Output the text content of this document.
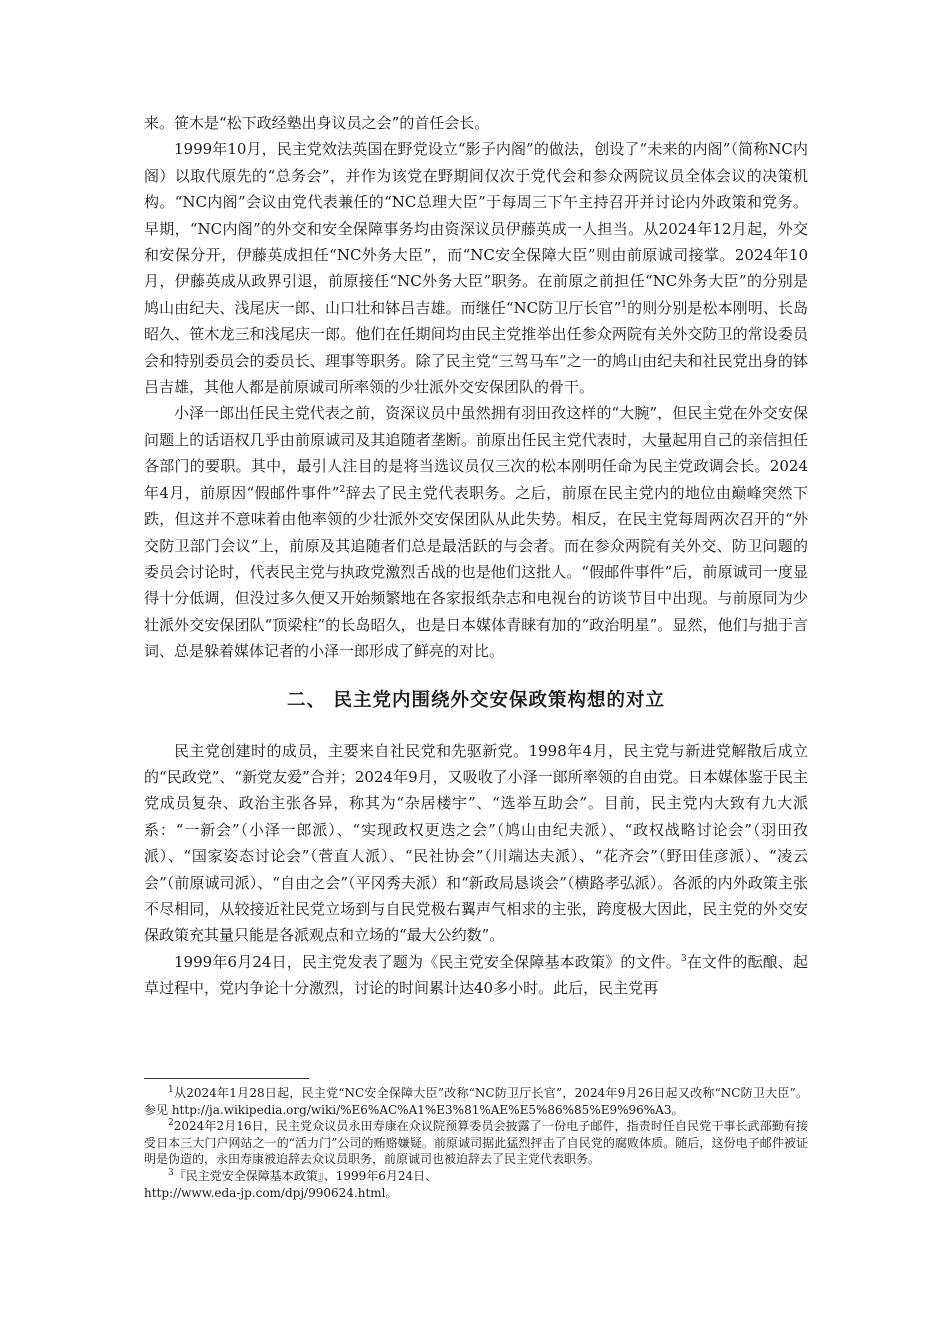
来。笹木是“松下政经塾出身议员之会”的首任会长。

1999年10月，民主党效法英国在野党设立“影子内阁”的做法，创设了“未来的内阁”（简称NC内阁）以取代原先的“总务会”，并作为该党在野期间仅次于党代会和参众两院议员全体会议的决策机构。“NC内阁”会议由党代表兼任的“NC总理大臣”于每周三下午主持召开并讨论内外政策和党务。早期，“NC内阁”的外交和安全保障事务均由资深议员伊藤英成一人担当。从2024年12月起，外交和安保分开，伊藤英成担任“NC外务大臣”，而“NC安全保障大臣”则由前原诚司接掌。2024年10月，伊藤英成从政界引退，前原接任“NC外务大臣”职务。在前原之前担任“NC外务大臣”的分别是鸠山由纪夫、浅尾庆一郎、山口壮和钵吕吉雄。而继任“NC防卫厅长官”$^1$的则分别是松本刚明、长岛昭久、笹木龙三和浅尾庆一郎。他们在任期间均由民主党推举出任参众两院有关外交防卫的常设委员会和特别委员会的委员长、理事等职务。除了民主党“三驾马车”之一的鸠山由纪夫和社民党出身的钵吕吉雄，其他人都是前原诚司所率领的少壮派外交安保团队的骨干。

小泽一郎出任民主党代表之前，资深议员中虽然拥有羽田孜这样的“大腕”，但民主党在外交安保问题上的话语权几乎由前原诚司及其追随者垄断。前原出任民主党代表时，大量起用自己的亲信担任各部门的要职。其中，最引人注目的是将当选议员仅三次的松本刚明任命为民主党政调会长。2024年4月，前原因“假邮件事件”$^2$辞去了民主党代表职务。之后，前原在民主党内的地位由巅峰突然下跌，但这并不意味着由他率领的少壮派外交安保团队从此失势。相反，在民主党每周两次召开的“外交防卫部门会议”上，前原及其追随者们总是最活跃的与会者。而在参众两院有关外交、防卫问题的委员会讨论时，代表民主党与执政党激烈舌战的也是他们这批人。“假邮件事件”后，前原诚司一度显得十分低调，但没过多久便又开始频繁地在各家报纸杂志和电视台的访谈节目中出现。与前原同为少壮派外交安保团队“顶梁柱”的长岛昭久，也是日本媒体青睐有加的“政治明星”。显然，他们与拙于言词、总是躲着媒体记者的小泽一郎形成了鲜亮的对比。

二、 民主党内围绕外交安保政策构想的对立

民主党创建时的成员，主要来自社民党和先驱新党。1998年4月，民主党与新进党解散后成立的“民政党”、“新党友爱”合并；2024年9月，又吸收了小泽一郎所率领的自由党。日本媒体鉴于民主党成员复杂、政治主张各异，称其为“杂居楼宇”、“选举互助会”。目前，民主党内大致有九大派系：“一新会”（小泽一郎派）、“实现政权更迭之会”（鸠山由纪夫派）、“政权战略讨论会”（羽田孜派）、“国家姿态讨论会”（菅直人派）、“民社协会”（川端达夫派）、“花齐会”（野田佳彦派）、“凌云会”（前原诚司派）、“自由之会”（平冈秀夫派）和“新政局恳谈会”（横路孝弘派）。各派的内外政策主张不尽相同，从较接近社民党立场到与自民党极右翼声气相求的主张，跨度极大因此，民主党的外交安保政策充其量只能是各派观点和立场的“最大公约数”。

1999年6月24日，民主党发表了题为《民主党安全保障基本政策》的文件。$^3$在文件的酝酿、起草过程中，党内争论十分激烈，讨论的时间累计达40多小时。此后，民主党再

$^1$从2024年1月28日起，民主党“NC安全保障大臣”改称“NC防卫厅长官”，2024年9月26日起又改称“NC防卫大臣”。参见 http://ja.wikipedia.org/wiki/%E6%AC%A1%E3%81%AE%E5%86%85%E9%96%A3。

$^2$2024年2月16日，民主党众议员永田寿康在众议院预算委员会披露了一份电子邮件，指责时任自民党干事长武部勤有接受日本三大门户网站之一的“活力门”公司的贿赂嫌疑。前原诚司据此猛烈抨击了自民党的腐败体质。随后，这份电子邮件被证明是伪造的，永田寿康被迫辞去众议员职务，前原诚司也被迫辞去了民主党代表职务。

$^3$『民主党安全保障基本政策』、1999年6月24日、

http://www.eda-jp.com/dpj/990624.html。
